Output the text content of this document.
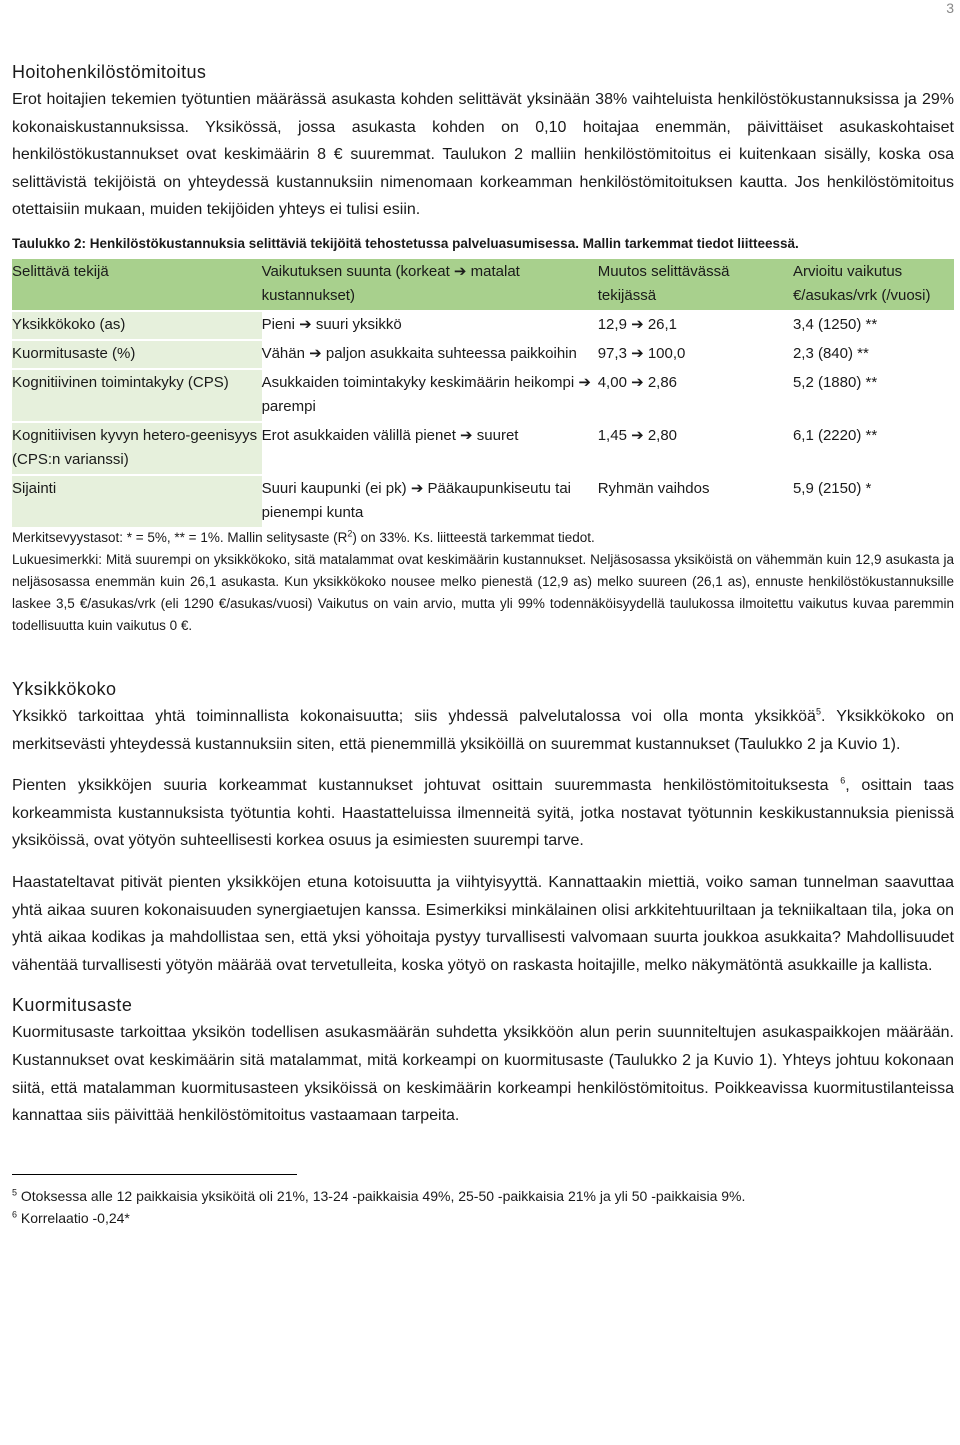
3
Hoitohenkilöstömitoitus

Erot hoitajien tekemien työtuntien määrässä asukasta kohden selittävät yksinään 38% vaihteluista henkilöstökustannuksissa ja 29% kokonaiskustannuksissa. Yksikössä, jossa asukasta kohden on 0,10 hoitajaa enemmän, päivittäiset asukaskohtaiset henkilöstökustannukset ovat keskimäärin 8 € suuremmat. Taulukon 2 malliin henkilöstömitoitus ei kuitenkaan sisälly, koska osa selittävistä tekijöistä on yhteydessä kustannuksiin nimenomaan korkeamman henkilöstömitoituksen kautta. Jos henkilöstömitoitus otettaisiin mukaan, muiden tekijöiden yhteys ei tulisi esiin.

Taulukko 2: Henkilöstökustannuksia selittäviä tekijöitä tehostetussa palveluasumisessa. Mallin tarkemmat tiedot liitteessä.
Selittävä tekijä	Vaikutuksen suunta (korkeat ➔ matalat kustannukset)	Muutos selittävässä tekijässä	Arvioitu vaikutus €/asukas/vrk (/vuosi)
Yksikkökoko (as)	Pieni ➔ suuri yksikkö	12,9 ➔ 26,1	3,4 (1250) **
Kuormitusaste (%)	Vähän ➔ paljon asukkaita suhteessa paikkoihin	97,3 ➔ 100,0	2,3 (840) **
Kognitiivinen toimintakyky (CPS)	Asukkaiden toimintakyky keskimäärin heikompi ➔ parempi	4,00 ➔ 2,86	5,2 (1880) **
Kognitiivisen kyvyn hetero-geenisyys (CPS:n varianssi)	Erot asukkaiden välillä pienet ➔ suuret	1,45 ➔ 2,80	6,1 (2220) **
Sijainti	Suuri kaupunki (ei pk) ➔ Pääkaupunkiseutu tai pienempi kunta	Ryhmän vaihdos	5,9 (2150) *
Merkitsevyystasot: * = 5%, ** = 1%. Mallin selitysaste $(R^2)$ on 33%. Ks. liitteestä tarkemmat tiedot.

Lukuesimerkki: Mitä suurempi on yksikkökoko, sitä matalammat ovat keskimäärin kustannukset. Neljäsosassa yksiköistä on vähemmän kuin 12,9 asukasta ja neljäsosassa enemmän kuin 26,1 asukasta. Kun yksikkökoko nousee melko pienestä (12,9 as) melko suureen (26,1 as), ennuste henkilöstökustannuksille laskee 3,5 €/asukas/vrk (eli 1290 €/asukas/vuosi) Vaikutus on vain arvio, mutta yli 99% todennäköisyydellä taulukossa ilmoitettu vaikutus kuvaa paremmin todellisuutta kuin vaikutus 0 €.

Yksikkökoko

Yksikkö tarkoittaa yhtä toiminnallista kokonaisuutta; siis yhdessä palvelutalossa voi olla monta yksikköä$^5$. Yksikkökoko on merkitsevästi yhteydessä kustannuksiin siten, että pienemmillä yksiköillä on suuremmat kustannukset (Taulukko 2 ja Kuvio 1).

Pienten yksikköjen suuria korkeammat kustannukset johtuvat osittain suuremmasta henkilöstömitoituksesta $^6$, osittain taas korkeammista kustannuksista työtuntia kohti. Haastatteluissa ilmenneitä syitä, jotka nostavat työtunnin keskikustannuksia pienissä yksiköissä, ovat yötyön suhteellisesti korkea osuus ja esimiesten suurempi tarve.

Haastateltavat pitivät pienten yksikköjen etuna kotoisuutta ja viihtyisyyttä. Kannattaakin miettiä, voiko saman tunnelman saavuttaa yhtä aikaa suuren kokonaisuuden synergiaetujen kanssa. Esimerkiksi minkälainen olisi arkkitehtuuriltaan ja tekniikaltaan tila, joka on yhtä aikaa kodikas ja mahdollistaa sen, että yksi yöhoitaja pystyy turvallisesti valvomaan suurta joukkoa asukkaita? Mahdollisuudet vähentää turvallisesti yötyön määrää ovat tervetulleita, koska yötyö on raskasta hoitajille, melko näkymätöntä asukkaille ja kallista.

Kuormitusaste

Kuormitusaste tarkoittaa yksikön todellisen asukasmäärän suhdetta yksikköön alun perin suunniteltujen asukaspaikkojen määrään. Kustannukset ovat keskimäärin sitä matalammat, mitä korkeampi on kuormitusaste (Taulukko 2 ja Kuvio 1). Yhteys johtuu kokonaan siitä, että matalamman kuormitusasteen yksiköissä on keskimäärin korkeampi henkilöstömitoitus. Poikkeavissa kuormitustilanteissa kannattaa siis päivittää henkilöstömitoitus vastaamaan tarpeita.

$^5$ Otoksessa alle 12 paikkaisia yksiköitä oli 21%, 13-24 -paikkaisia 49%, 25-50 -paikkaisia 21% ja yli 50 -paikkaisia 9%.
$^6$ Korrelaatio -0,24*
